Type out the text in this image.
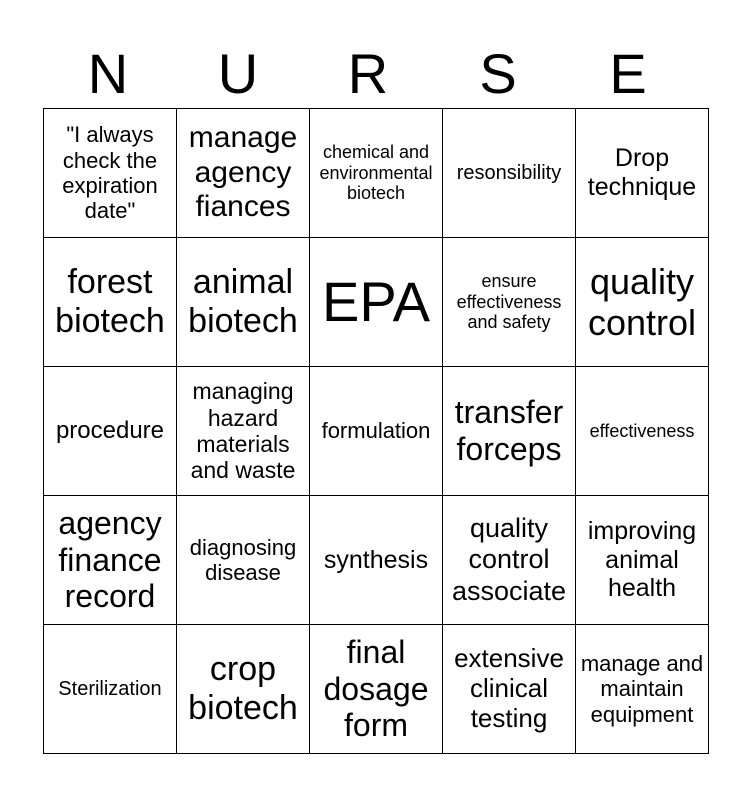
N	U	R	S	E
"I always check the expiration date"	manage agency fiances	chemical and environmental biotech	resonsibility	Drop technique
forest biotech	animal biotech	EPA	ensure effectiveness and safety	quality control
procedure	managing hazard materials and waste	formulation	transfer forceps	effectiveness
agency finance record	diagnosing disease	synthesis	quality control associate	improving animal health
Sterilization	crop biotech	final dosage form	extensive clinical testing	manage and maintain equipment
